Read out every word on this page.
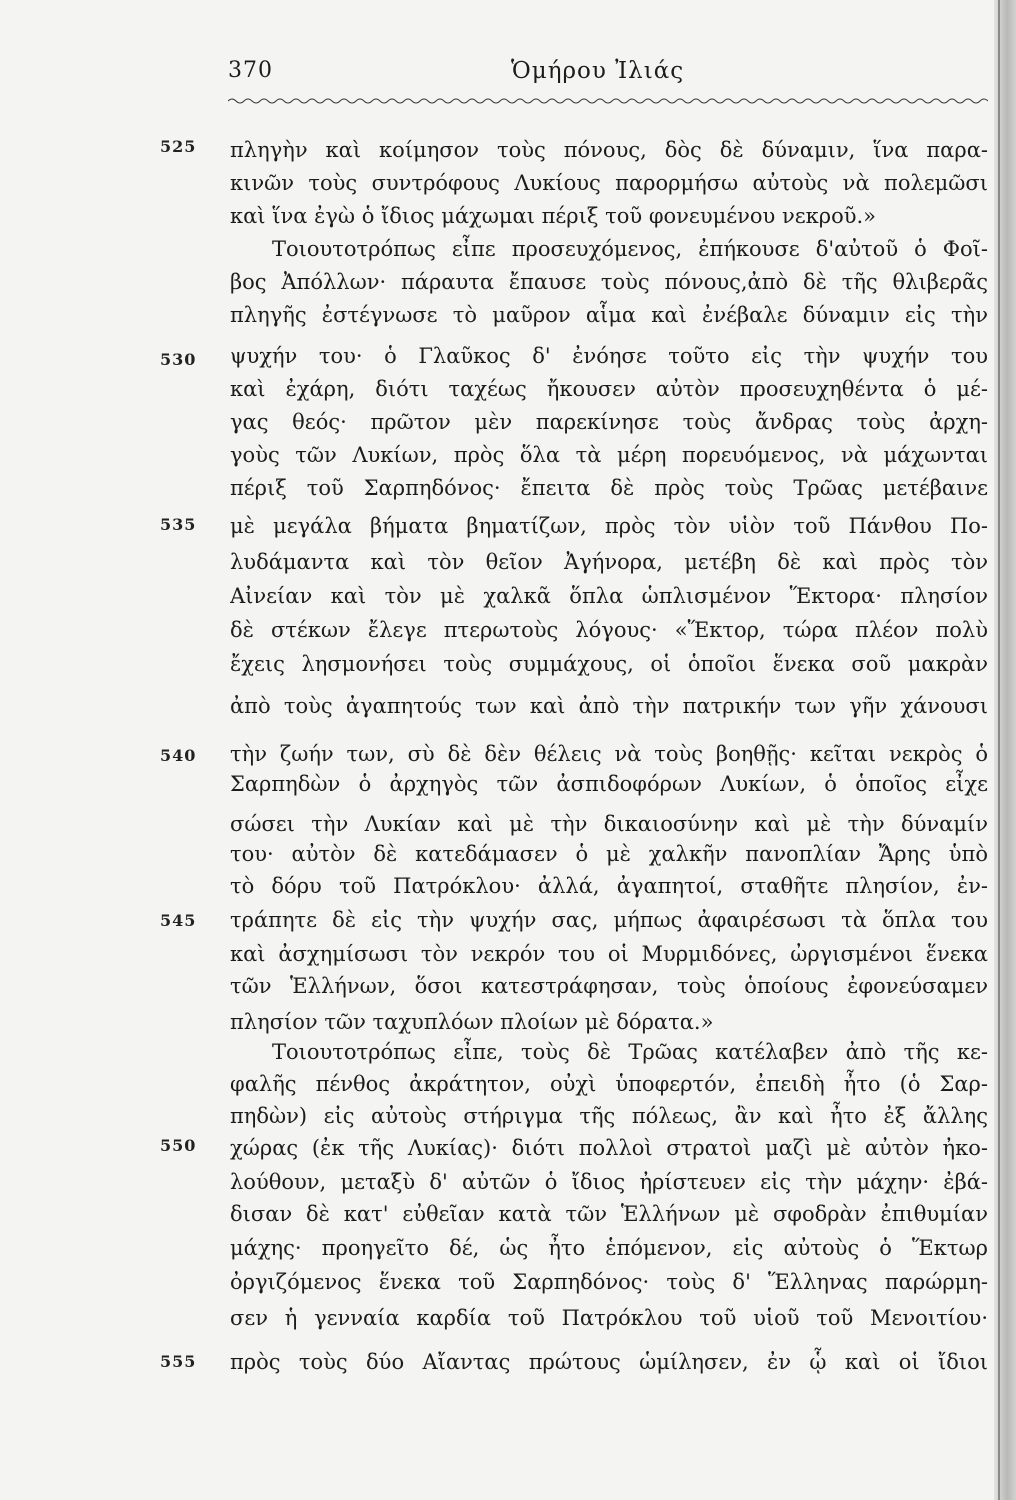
370	Ὁμήρου Ἰλιάς
525
530
535
540
545
550
555
πληγὴν καὶ κοίμησον τοὺς πόνους, δὸς δὲ δύναμιν, ἵνα παρα-
κινῶν τοὺς συντρόφους Λυκίους παρορμήσω αὐτοὺς νὰ πολεμῶσι
καὶ ἵνα ἐγὼ ὁ ἴδιος μάχωμαι πέριξ τοῦ φονευμένου νεκροῦ.»
Τοιουτοτρόπως εἶπε προσευχόμενος, ἐπήκουσε δ'αὐτοῦ ὁ Φοῖ-
βος Ἀπόλλων· πάραυτα ἔπαυσε τοὺς πόνους,ἀπὸ δὲ τῆς θλιβερᾶς
πληγῆς ἐστέγνωσε τὸ μαῦρον αἷμα καὶ ἐνέβαλε δύναμιν εἰς τὴν
ψυχήν του· ὁ Γλαῦκος δ' ἐνόησε τοῦτο εἰς τὴν ψυχήν του
καὶ ἐχάρη, διότι ταχέως ἤκουσεν αὐτὸν προσευχηθέντα ὁ μέ-
γας θεός· πρῶτον μὲν παρεκίνησε τοὺς ἄνδρας τοὺς ἀρχη-
γοὺς τῶν Λυκίων, πρὸς ὅλα τὰ μέρη πορευόμενος, νὰ μάχωνται
πέριξ τοῦ Σαρπηδόνος· ἔπειτα δὲ πρὸς τοὺς Τρῶας μετέβαινε
μὲ μεγάλα βήματα βηματίζων, πρὸς τὸν υἱὸν τοῦ Πάνθου Πο-
λυδάμαντα καὶ τὸν θεῖον Ἀγήνορα, μετέβη δὲ καὶ πρὸς τὸν
Αἰνείαν καὶ τὸν μὲ χαλκᾶ ὅπλα ὡπλισμένον Ἕκτορα· πλησίον
δὲ στέκων ἔλεγε πτερωτοὺς λόγους· «Ἕκτορ, τώρα πλέον πολὺ
ἔχεις λησμονήσει τοὺς συμμάχους, οἱ ὁποῖοι ἕνεκα σοῦ μακρὰν
ἀπὸ τοὺς ἀγαπητούς των καὶ ἀπὸ τὴν πατρικήν των γῆν χάνουσι
τὴν ζωήν των, σὺ δὲ δὲν θέλεις νὰ τοὺς βοηθῇς· κεῖται νεκρὸς ὁ
Σαρπηδὼν ὁ ἀρχηγὸς τῶν ἀσπιδοφόρων Λυκίων, ὁ ὁποῖος εἶχε
σώσει τὴν Λυκίαν καὶ μὲ τὴν δικαιοσύνην καὶ μὲ τὴν δύναμίν
του· αὐτὸν δὲ κατεδάμασεν ὁ μὲ χαλκῆν πανοπλίαν Ἄρης ὑπὸ
τὸ δόρυ τοῦ Πατρόκλου· ἀλλά, ἀγαπητοί, σταθῆτε πλησίον, ἐν-
τράπητε δὲ εἰς τὴν ψυχήν σας, μήπως ἀφαιρέσωσι τὰ ὅπλα του
καὶ ἀσχημίσωσι τὸν νεκρόν του οἱ Μυρμιδόνες, ὠργισμένοι ἕνεκα
τῶν Ἑλλήνων, ὅσοι κατεστράφησαν, τοὺς ὁποίους ἐφονεύσαμεν
πλησίον τῶν ταχυπλόων πλοίων μὲ δόρατα.»
Τοιουτοτρόπως εἶπε, τοὺς δὲ Τρῶας κατέλαβεν ἀπὸ τῆς κε-
φαλῆς πένθος ἀκράτητον, οὐχὶ ὑποφερτόν, ἐπειδὴ ἦτο (ὁ Σαρ-
πηδὼν) εἰς αὐτοὺς στήριγμα τῆς πόλεως, ἂν καὶ ἦτο ἐξ ἄλλης
χώρας (ἐκ τῆς Λυκίας)· διότι πολλοὶ στρατοὶ μαζὶ μὲ αὐτὸν ἠκο-
λούθουν, μεταξὺ δ' αὐτῶν ὁ ἴδιος ἠρίστευεν εἰς τὴν μάχην· ἐβά-
δισαν δὲ κατ' εὐθεῖαν κατὰ τῶν Ἑλλήνων μὲ σφοδρὰν ἐπιθυμίαν
μάχης· προηγεῖτο δέ, ὡς ἦτο ἑπόμενον, εἰς αὐτοὺς ὁ Ἕκτωρ
ὀργιζόμενος ἕνεκα τοῦ Σαρπηδόνος· τοὺς δ' Ἕλληνας παρώρμη-
σεν ἡ γενναία καρδία τοῦ Πατρόκλου τοῦ υἱοῦ τοῦ Μενοιτίου·
πρὸς τοὺς δύο Αἴαντας πρώτους ὡμίλησεν, ἐν ᾧ καὶ οἱ ἴδιοι
